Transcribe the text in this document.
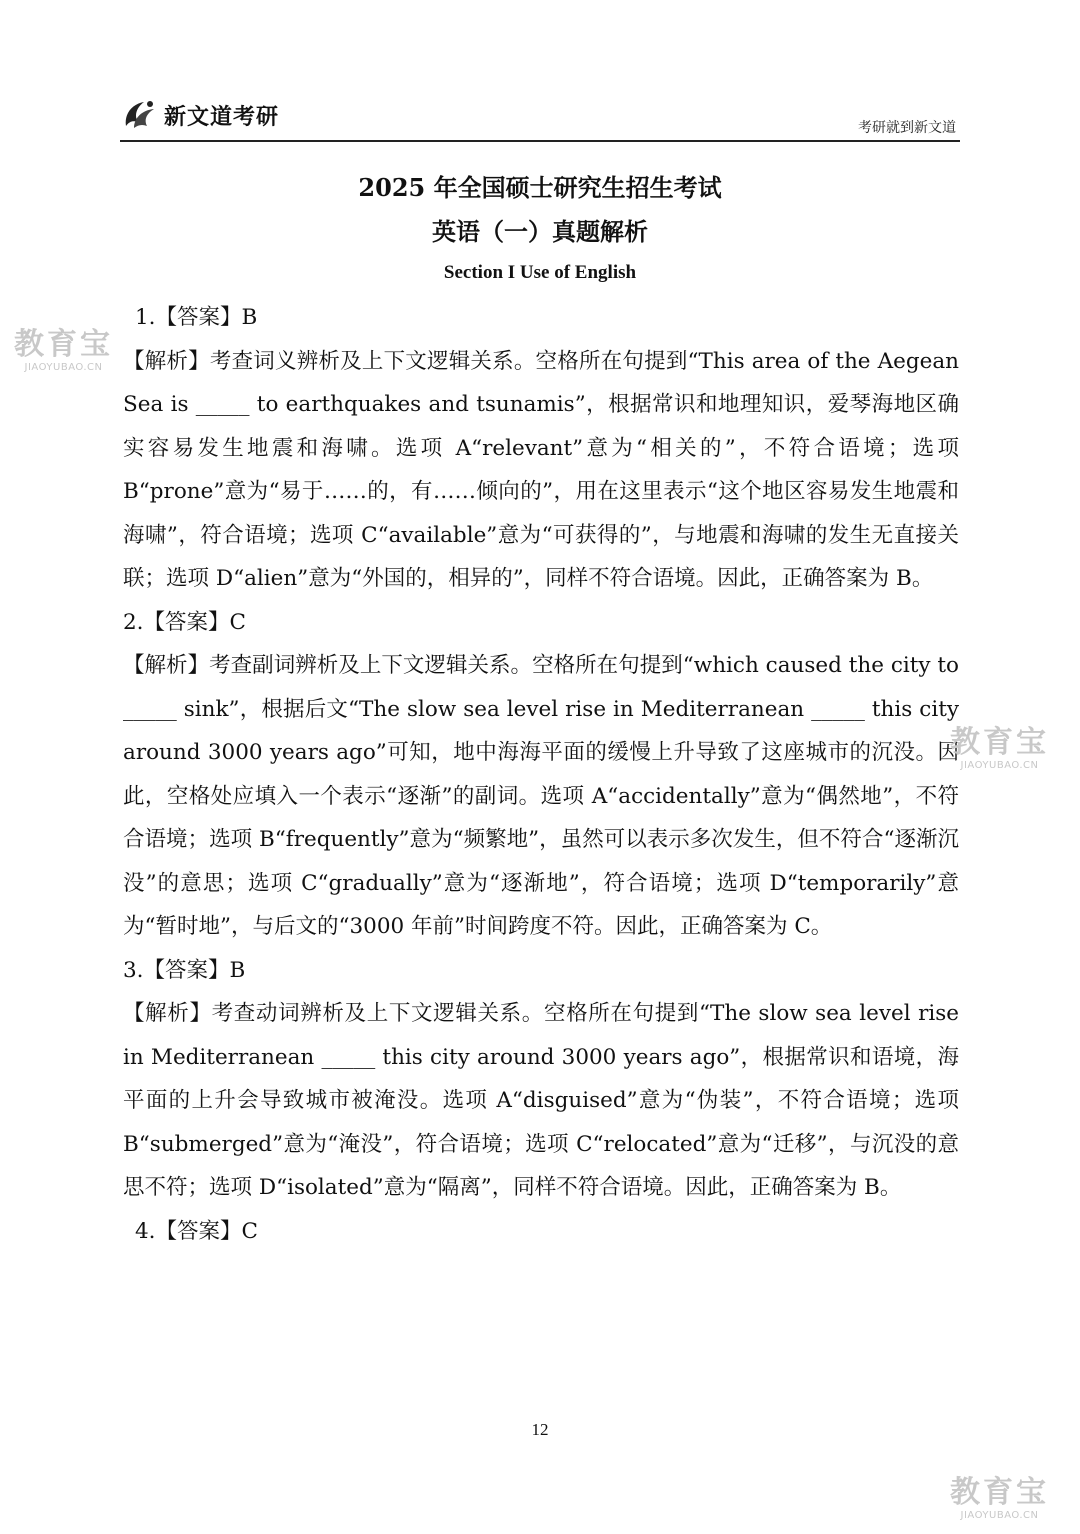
新文道考研	考研就到新文道
2025 年全国硕士研究生招生考试
英语（一）真题解析
Section I Use of English

1.【答案】B

【解析】考查词义辨析及上下文逻辑关系。空格所在句提到“This area of the Aegean Sea is _____ to earthquakes and tsunamis”，根据常识和地理知识，爱琴海地区确实容易发生地震和海啸。选项 A“relevant”意为“相关的”，不符合语境；选项 B“prone”意为“易于……的，有……倾向的”，用在这里表示“这个地区容易发生地震和海啸”，符合语境；选项 C“available”意为“可获得的”，与地震和海啸的发生无直接关联；选项 D“alien”意为“外国的，相异的”，同样不符合语境。因此，正确答案为 B。

2.【答案】C

【解析】考查副词辨析及上下文逻辑关系。空格所在句提到“which caused the city to _____ sink”，根据后文“The slow sea level rise in Mediterranean _____ this city around 3000 years ago”可知，地中海海平面的缓慢上升导致了这座城市的沉没。因此，空格处应填入一个表示“逐渐”的副词。选项 A“accidentally”意为“偶然地”，不符合语境；选项 B“frequently”意为“频繁地”，虽然可以表示多次发生，但不符合“逐渐沉没”的意思；选项 C“gradually”意为“逐渐地”，符合语境；选项 D“temporarily”意为“暂时地”，与后文的“3000 年前”时间跨度不符。因此，正确答案为 C。

3.【答案】B

【解析】考查动词辨析及上下文逻辑关系。空格所在句提到“The slow sea level rise in Mediterranean _____ this city around 3000 years ago”，根据常识和语境，海平面的上升会导致城市被淹没。选项 A“disguised”意为“伪装”，不符合语境；选项 B“submerged”意为“淹没”，符合语境；选项 C“relocated”意为“迁移”，与沉没的意思不符；选项 D“isolated”意为“隔离”，同样不符合语境。因此，正确答案为 B。

4.【答案】C

12
教育宝
JIAOYUBAO.CN
教育宝
JIAOYUBAO.CN
教育宝
JIAOYUBAO.CN
